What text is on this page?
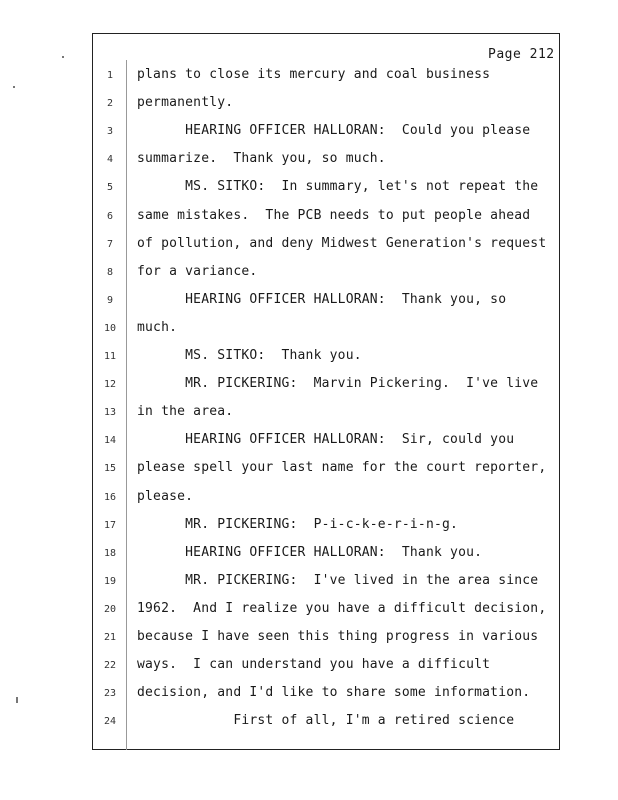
Page 212
1	plans to close its mercury and coal business
2	permanently.
3	HEARING OFFICER HALLORAN:  Could you please
4	summarize.  Thank you, so much.
5	MS. SITKO:  In summary, let's not repeat the
6	same mistakes.  The PCB needs to put people ahead
7	of pollution, and deny Midwest Generation's request
8	for a variance.
9	HEARING OFFICER HALLORAN:  Thank you, so
10	much.
11	MS. SITKO:  Thank you.
12	MR. PICKERING:  Marvin Pickering.  I've live
13	in the area.
14	HEARING OFFICER HALLORAN:  Sir, could you
15	please spell your last name for the court reporter,
16	please.
17	MR. PICKERING:  P-i-c-k-e-r-i-n-g.
18	HEARING OFFICER HALLORAN:  Thank you.
19	MR. PICKERING:  I've lived in the area since
20	1962.  And I realize you have a difficult decision,
21	because I have seen this thing progress in various
22	ways.  I can understand you have a difficult
23	decision, and I'd like to share some information.
24	First of all, I'm a retired science
